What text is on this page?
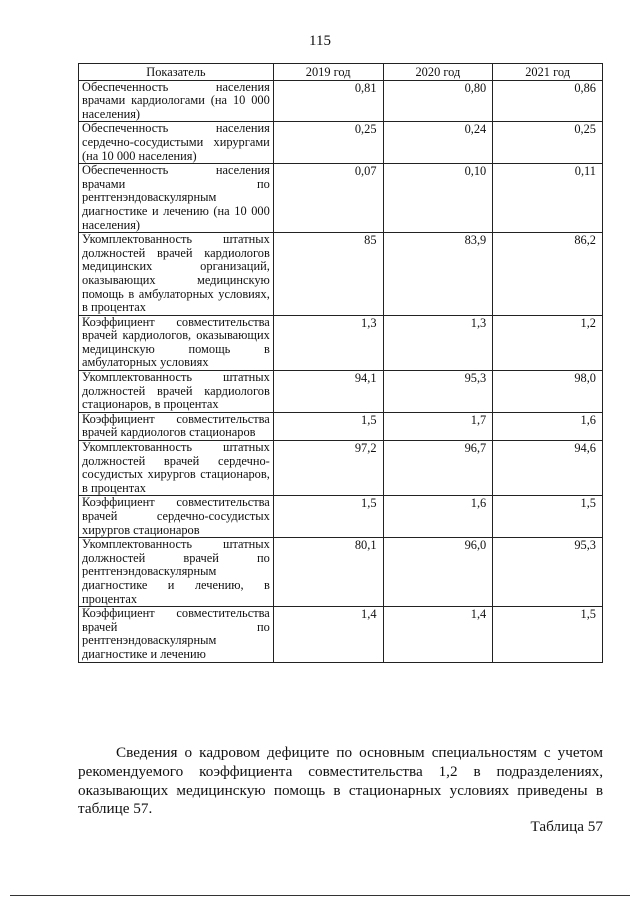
115
Показатель	2019 год	2020 год	2021 год
Обеспеченность населения врачами кардиологами (на 10 000 населения)	0,81	0,80	0,86
Обеспеченность населения сердечно-сосудистыми хирургами (на 10 000 населения)	0,25	0,24	0,25
Обеспеченность населения врачами по рентгенэндоваскулярным диагностике и лечению (на 10 000 населения)	0,07	0,10	0,11
Укомплектованность штатных должностей врачей кардиологов медицинских организаций, оказывающих медицинскую помощь в амбулаторных условиях, в процентах	85	83,9	86,2
Коэффициент совместительства врачей кардиологов, оказывающих медицинскую помощь в амбулаторных условиях	1,3	1,3	1,2
Укомплектованность штатных должностей врачей кардиологов стационаров, в процентах	94,1	95,3	98,0
Коэффициент совместительства врачей кардиологов стационаров	1,5	1,7	1,6
Укомплектованность штатных должностей врачей сердечно-сосудистых хирургов стационаров, в процентах	97,2	96,7	94,6
Коэффициент совместительства врачей сердечно-сосудистых хирургов стационаров	1,5	1,6	1,5
Укомплектованность штатных должностей врачей по рентгенэндоваскулярным диагностике и лечению, в процентах	80,1	96,0	95,3
Коэффициент совместительства врачей по рентгенэндоваскулярным диагностике и лечению	1,4	1,4	1,5

Сведения о кадровом дефиците по основным специальностям с учетом рекомендуемого коэффициента совместительства 1,2 в подразделениях, оказывающих медицинскую помощь в стационарных условиях приведены в таблице 57.

Таблица 57
